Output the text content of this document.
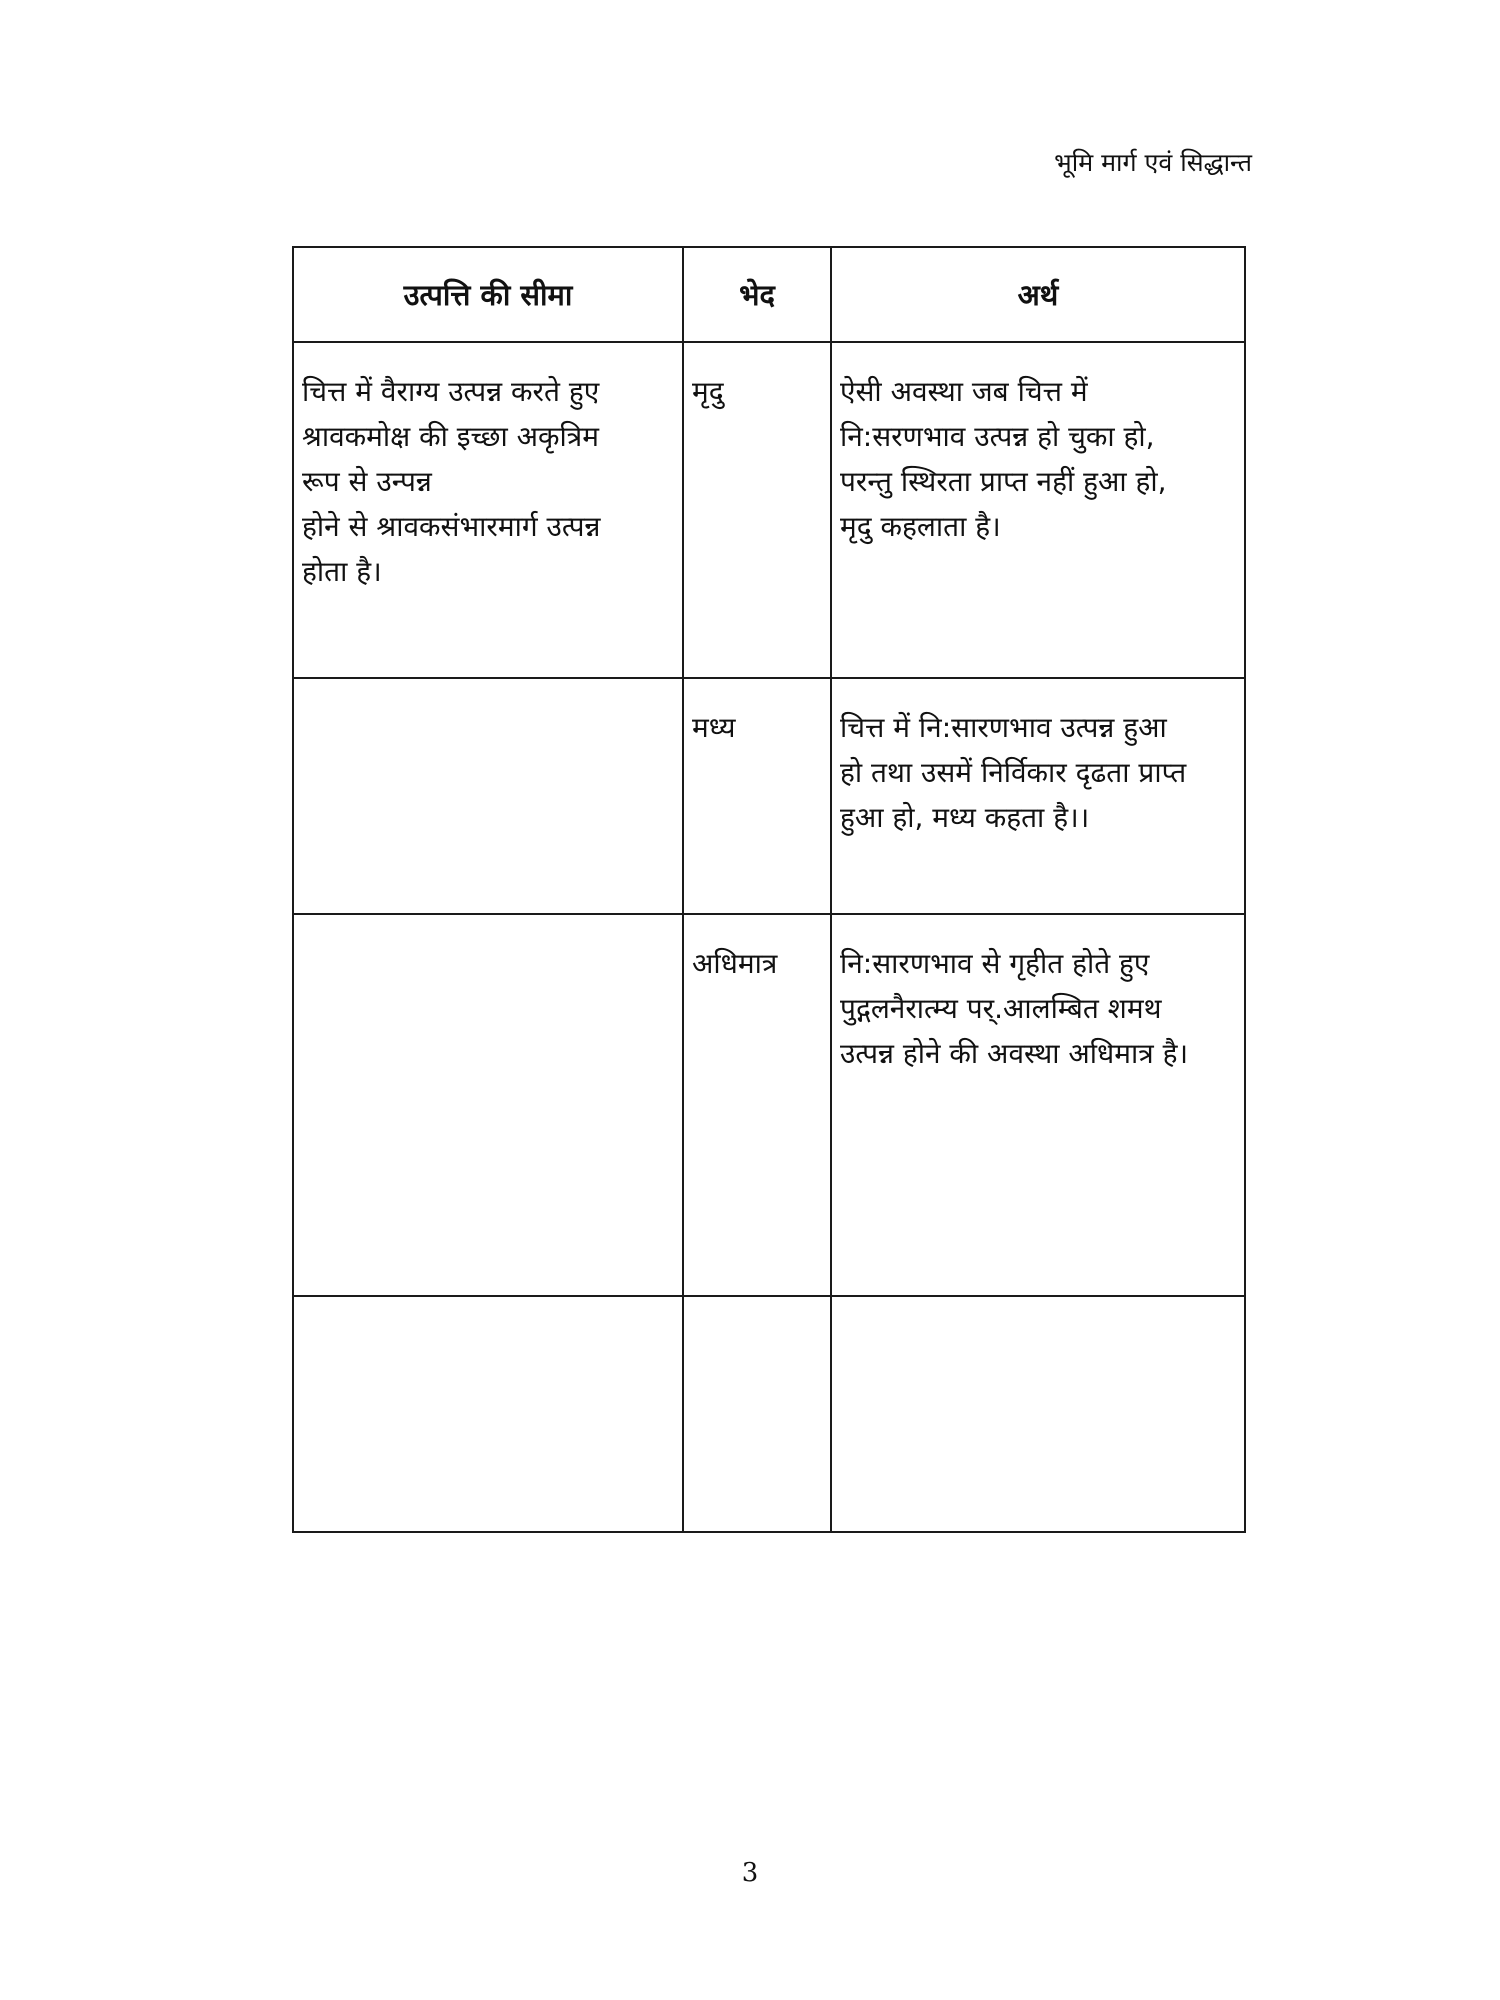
भूमि मार्ग एवं सिद्धान्त
उत्पत्ति की सीमा	भेद	अर्थ

चित्त में वैराग्य उत्पन्न करते हुए
श्रावकमोक्ष की इच्छा अकृत्रिम
रूप से उन्पन्न
होने से श्रावकसंभारमार्ग उत्पन्न
होता है।	मृदु	ऐसी अवस्था जब चित्त में
नि:सरणभाव उत्पन्न हो चुका हो,
परन्तु स्थिरता प्राप्त नहीं हुआ हो,
मृदु कहलाता है।

	मध्य	चित्त में नि:सारणभाव उत्पन्न हुआ
हो तथा उसमें निर्विकार दृढता प्राप्त
हुआ हो, मध्य कहता है।।

	अधिमात्र	नि:सारणभाव से गृहीत होते हुए
पुद्गलनैरात्म्य पर्.आलम्बित शमथ
उत्पन्न होने की अवस्था अधिमात्र है।

3
